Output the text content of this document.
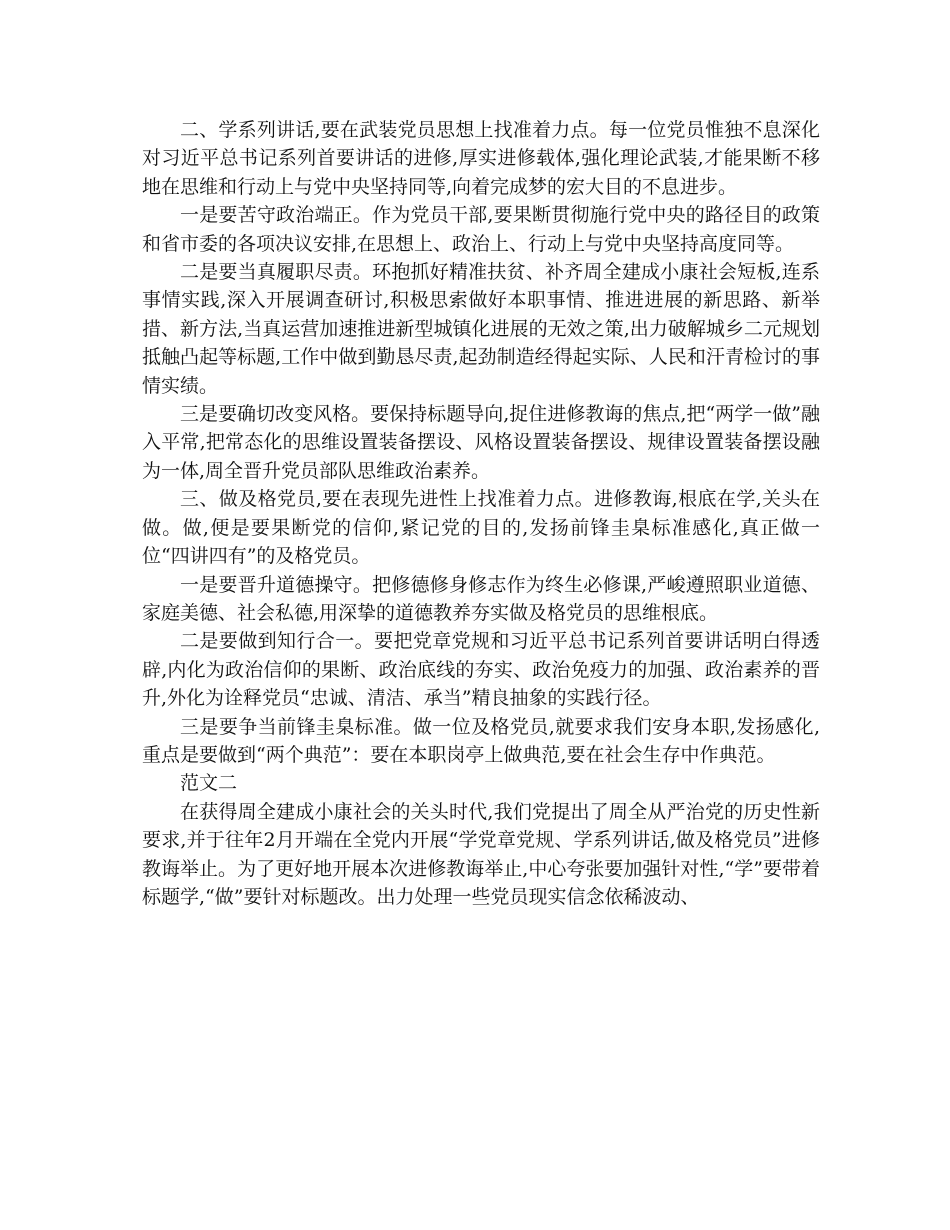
二、学系列讲话,要在武装党员思想上找准着力点。每一位党员惟独不息深化对习近平总书记系列首要讲话的进修,厚实进修载体,强化理论武装,才能果断不移地在思维和行动上与党中央坚持同等,向着完成梦的宏大目的不息进步。

一是要苦守政治端正。作为党员干部,要果断贯彻施行党中央的路径目的政策和省市委的各项决议安排,在思想上、政治上、行动上与党中央坚持高度同等。

二是要当真履职尽责。环抱抓好精准扶贫、补齐周全建成小康社会短板,连系事情实践,深入开展调查研讨,积极思索做好本职事情、推进进展的新思路、新举措、新方法,当真运营加速推进新型城镇化进展的无效之策,出力破解城乡二元规划抵触凸起等标题,工作中做到勤恳尽责,起劲制造经得起实际、人民和汗青检讨的事情实绩。

三是要确切改变风格。要保持标题导向,捉住进修教诲的焦点,把“两学一做”融入平常,把常态化的思维设置装备摆设、风格设置装备摆设、规律设置装备摆设融为一体,周全晋升党员部队思维政治素养。

三、做及格党员,要在表现先进性上找准着力点。进修教诲,根底在学,关头在做。做,便是要果断党的信仰,紧记党的目的,发扬前锋圭臬标准感化,真正做一位“四讲四有”的及格党员。

一是要晋升道德操守。把修德修身修志作为终生必修课,严峻遵照职业道德、家庭美德、社会私德,用深挚的道德教养夯实做及格党员的思维根底。

二是要做到知行合一。要把党章党规和习近平总书记系列首要讲话明白得透辟,内化为政治信仰的果断、政治底线的夯实、政治免疫力的加强、政治素养的晋升,外化为诠释党员“忠诚、清洁、承当”精良抽象的实践行径。

三是要争当前锋圭臬标准。做一位及格党员,就要求我们安身本职,发扬感化,重点是要做到“两个典范”：要在本职岗亭上做典范,要在社会生存中作典范。

范文二

在获得周全建成小康社会的关头时代,我们党提出了周全从严治党的历史性新要求,并于往年2月开端在全党内开展“学党章党规、学系列讲话,做及格党员”进修教诲举止。为了更好地开展本次进修教诲举止,中心夸张要加强针对性,“学”要带着标题学,“做”要针对标题改。出力处理一些党员现实信念依稀波动、
